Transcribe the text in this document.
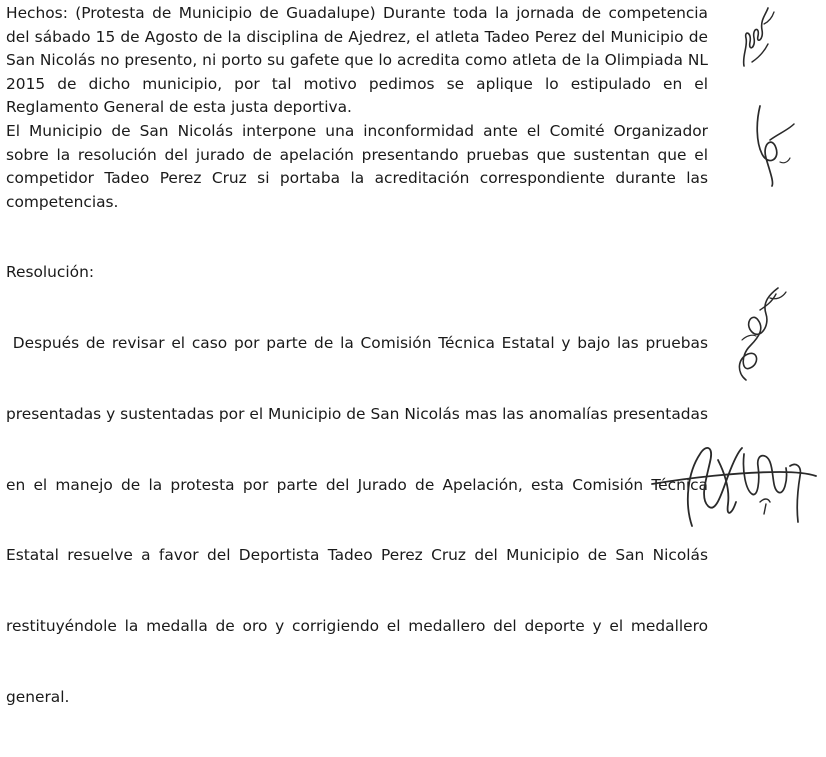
Hechos: (Protesta de Municipio de Guadalupe) Durante toda la jornada de competencia
del sábado 15 de Agosto de la disciplina de Ajedrez, el atleta Tadeo Perez del Municipio de
San Nicolás no presento, ni porto su gafete que lo acredita como atleta de la Olimpiada NL
2015 de dicho municipio, por tal motivo pedimos se aplique lo estipulado en el
Reglamento General de esta justa deportiva.

El Municipio de San Nicolás interpone una inconformidad ante el Comité Organizador
sobre la resolución del jurado de apelación presentando pruebas que sustentan que el
competidor Tadeo Perez Cruz si portaba la acreditación correspondiente durante las
competencias.

Resolución:

Después de revisar el caso por parte de la Comisión Técnica Estatal y bajo las pruebas

presentadas y sustentadas por el Municipio de San Nicolás mas las anomalías presentadas

en el manejo de la protesta por parte del Jurado de Apelación, esta Comisión Técnica

Estatal resuelve a favor del Deportista Tadeo Perez Cruz del Municipio de San Nicolás

restituyéndole la medalla de oro y corrigiendo el medallero del deporte y el medallero

general.
